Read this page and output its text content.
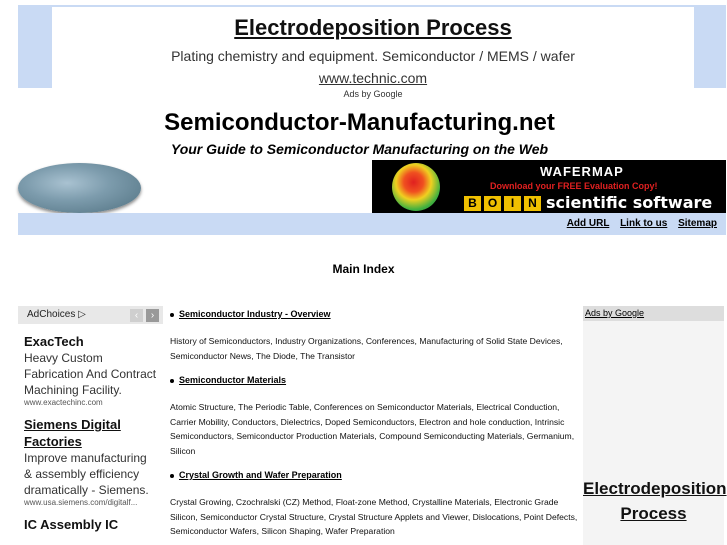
Electrodeposition Process
Plating chemistry and equipment. Semiconductor / MEMS / wafer
www.technic.com
Ads by Google
Semiconductor-Manufacturing.net
Your Guide to Semiconductor Manufacturing on the Web
WAFERMAP
Download your FREE Evaluation Copy!
B O	I	N scientific software
Add URL Link to us Sitemap
Main Index
AdChoices ▷	‹	›
ExacTech
Heavy Custom Fabrication And Contract Machining Facility.
www.exactechinc.com
Siemens Digital Factories
Improve manufacturing & assembly efficiency dramatically - Siemens.
www.usa.siemens.com/digitalf...
IC Assembly IC
Semiconductor Industry - Overview
History of Semiconductors, Industry Organizations, Conferences, Manufacturing of Solid State Devices, Semiconductor News, The Diode, The Transistor
Semiconductor Materials
Atomic Structure, The Periodic Table, Conferences on Semiconductor Materials, Electrical Conduction, Carrier Mobility, Conductors, Dielectrics, Doped Semiconductors, Electron and hole conduction, Intrinsic Semiconductors, Semiconductor Production Materials, Compound Semiconducting Materials, Germanium, Silicon
Crystal Growth and Wafer Preparation
Crystal Growing, Czochralski (CZ) Method, Float-zone Method, Crystalline Materials, Electronic Grade Silicon, Semiconductor Crystal Structure, Crystal Structure Applets and Viewer, Dislocations, Point Defects, Semiconductor Wafers, Silicon Shaping, Wafer Preparation
Ads by Google
Electrodeposition Process
